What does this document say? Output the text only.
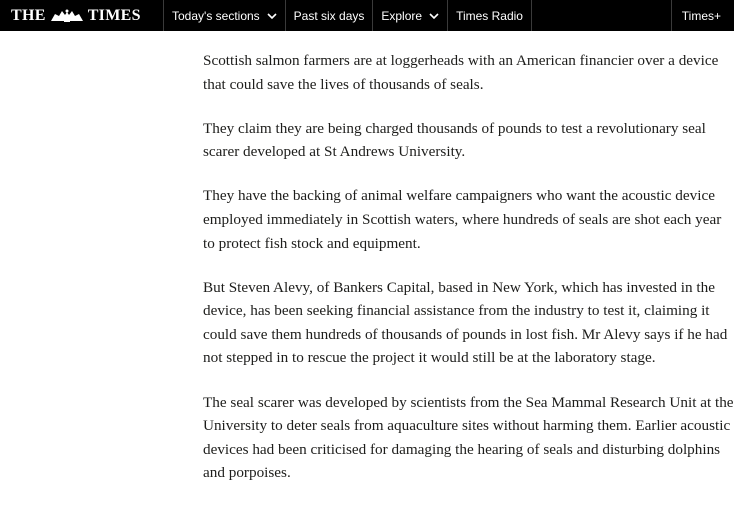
THE	TIMES	Today's sections	Past six days Explore	Times Radio	Times+

Scottish salmon farmers are at loggerheads with an American financier over a device that could save the lives of thousands of seals.

They claim they are being charged thousands of pounds to test a revolutionary seal scarer developed at St Andrews University.

They have the backing of animal welfare campaigners who want the acoustic device employed immediately in Scottish waters, where hundreds of seals are shot each year to protect fish stock and equipment.

But Steven Alevy, of Bankers Capital, based in New York, which has invested in the device, has been seeking financial assistance from the industry to test it, claiming it could save them hundreds of thousands of pounds in lost fish. Mr Alevy says if he had not stepped in to rescue the project it would still be at the laboratory stage.

The seal scarer was developed by scientists from the Sea Mammal Research Unit at the University to deter seals from aquaculture sites without harming them. Earlier acoustic devices had been criticised for damaging the hearing of seals and disturbing dolphins and porpoises.
